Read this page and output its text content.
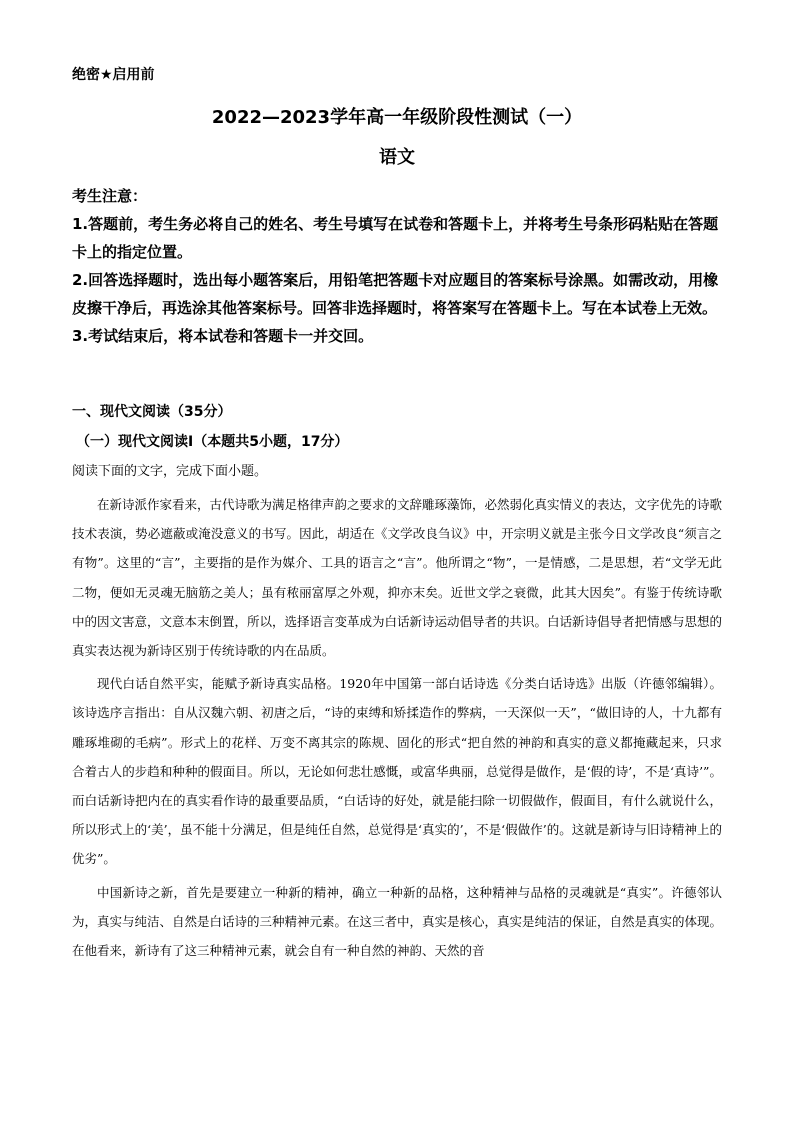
绝密★启用前
2022—2023学年高一年级阶段性测试（一）
语文

考生注意：

1.答题前，考生务必将自己的姓名、考生号填写在试卷和答题卡上，并将考生号条形码粘贴在答题卡上的指定位置。

2.回答选择题时，选出每小题答案后，用铅笔把答题卡对应题目的答案标号涂黑。如需改动，用橡皮擦干净后，再选涂其他答案标号。回答非选择题时，将答案写在答题卡上。写在本试卷上无效。

3.考试结束后，将本试卷和答题卡一并交回。

一、现代文阅读（35分）

（一）现代文阅读Ⅰ（本题共5小题，17分）

阅读下面的文字，完成下面小题。

在新诗派作家看来，古代诗歌为满足格律声韵之要求的文辞雕琢藻饰，必然弱化真实情义的表达，文字优先的诗歌技术表演，势必遮蔽或淹没意义的书写。因此，胡适在《文学改良刍议》中，开宗明义就是主张今日文学改良“须言之有物”。这里的“言”，主要指的是作为媒介、工具的语言之“言”。他所谓之“物”，一是情感，二是思想，若“文学无此二物，便如无灵魂无脑筋之美人；虽有秾丽富厚之外观，抑亦末矣。近世文学之衰微，此其大因矣”。有鉴于传统诗歌中的因文害意，文意本末倒置，所以，选择语言变革成为白话新诗运动倡导者的共识。白话新诗倡导者把情感与思想的真实表达视为新诗区别于传统诗歌的内在品质。

现代白话自然平实，能赋予新诗真实品格。1920年中国第一部白话诗选《分类白话诗选》出版（许德邻编辑）。该诗选序言指出：自从汉魏六朝、初唐之后，“诗的束缚和矫揉造作的弊病，一天深似一天”，“做旧诗的人，十九都有雕琢堆砌的毛病”。形式上的花样、万变不离其宗的陈规、固化的形式“把自然的神韵和真实的意义都掩藏起来，只求合着古人的步趋和种种的假面目。所以，无论如何悲壮感慨，或富华典丽，总觉得是做作，是‘假的诗’，不是‘真诗’”。而白话新诗把内在的真实看作诗的最重要品质，“白话诗的好处，就是能扫除一切假做作，假面目，有什么就说什么，所以形式上的‘美’，虽不能十分满足，但是纯任自然，总觉得是‘真实的’，不是‘假做作’的。这就是新诗与旧诗精神上的优劣”。

中国新诗之新，首先是要建立一种新的精神，确立一种新的品格，这种精神与品格的灵魂就是“真实”。许德邻认为，真实与纯洁、自然是白话诗的三种精神元素。在这三者中，真实是核心，真实是纯洁的保证，自然是真实的体现。在他看来，新诗有了这三种精神元素，就会自有一种自然的神韵、天然的音
